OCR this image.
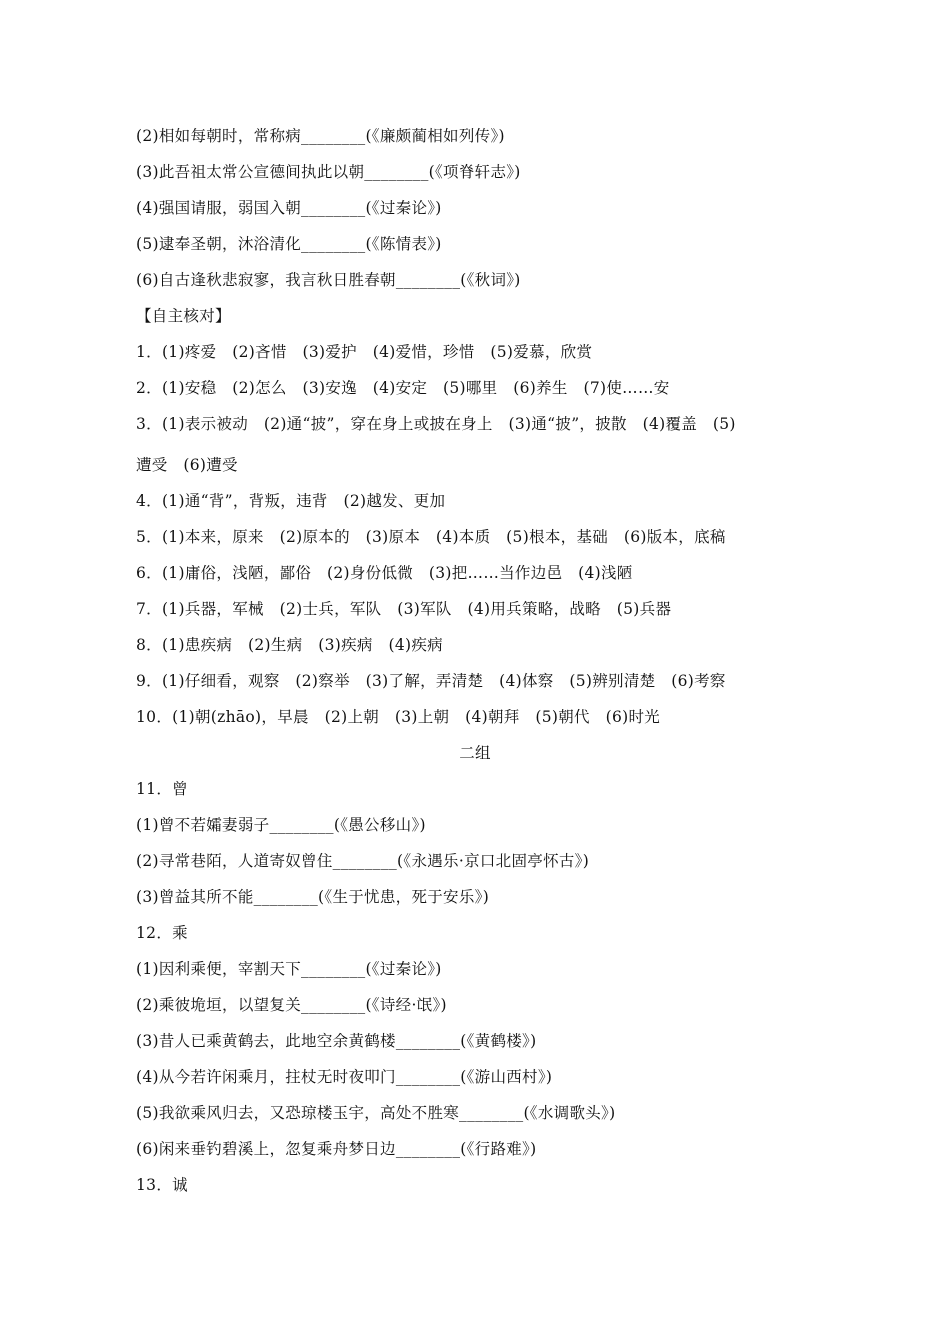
(2)相如每朝时，常称病________(《廉颇蔺相如列传》)
(3)此吾祖太常公宣德间执此以朝________(《项脊轩志》)
(4)强国请服，弱国入朝________(《过秦论》)
(5)逮奉圣朝，沐浴清化________(《陈情表》)
(6)自古逢秋悲寂寥，我言秋日胜春朝________(《秋词》)
【自主核对】
1．(1)疼爱　(2)吝惜　(3)爱护　(4)爱惜，珍惜　(5)爱慕，欣赏
2．(1)安稳　(2)怎么　(3)安逸　(4)安定　(5)哪里　(6)养生　(7)使……安
3．(1)表示被动　(2)通“披”，穿在身上或披在身上　(3)通“披”，披散　(4)覆盖　(5)
遭受　(6)遭受
4．(1)通“背”，背叛，违背　(2)越发、更加
5．(1)本来，原来　(2)原本的　(3)原本　(4)本质　(5)根本，基础　(6)版本，底稿
6．(1)庸俗，浅陋，鄙俗　(2)身份低微　(3)把……当作边邑　(4)浅陋
7．(1)兵器，军械　(2)士兵，军队　(3)军队　(4)用兵策略，战略　(5)兵器
8．(1)患疾病　(2)生病　(3)疾病　(4)疾病
9．(1)仔细看，观察　(2)察举　(3)了解，弄清楚　(4)体察　(5)辨别清楚　(6)考察
10．(1)朝(zhāo)，早晨　(2)上朝　(3)上朝　(4)朝拜　(5)朝代　(6)时光
二组
11．曾
(1)曾不若孀妻弱子________(《愚公移山》)
(2)寻常巷陌，人道寄奴曾住________(《永遇乐·京口北固亭怀古》)
(3)曾益其所不能________(《生于忧患，死于安乐》)
12．乘
(1)因利乘便，宰割天下________(《过秦论》)
(2)乘彼垝垣，以望复关________(《诗经·氓》)
(3)昔人已乘黄鹤去，此地空余黄鹤楼________(《黄鹤楼》)
(4)从今若许闲乘月，拄杖无时夜叩门________(《游山西村》)
(5)我欲乘风归去，又恐琼楼玉宇，高处不胜寒________(《水调歌头》)
(6)闲来垂钓碧溪上，忽复乘舟梦日边________(《行路难》)
13．诚
